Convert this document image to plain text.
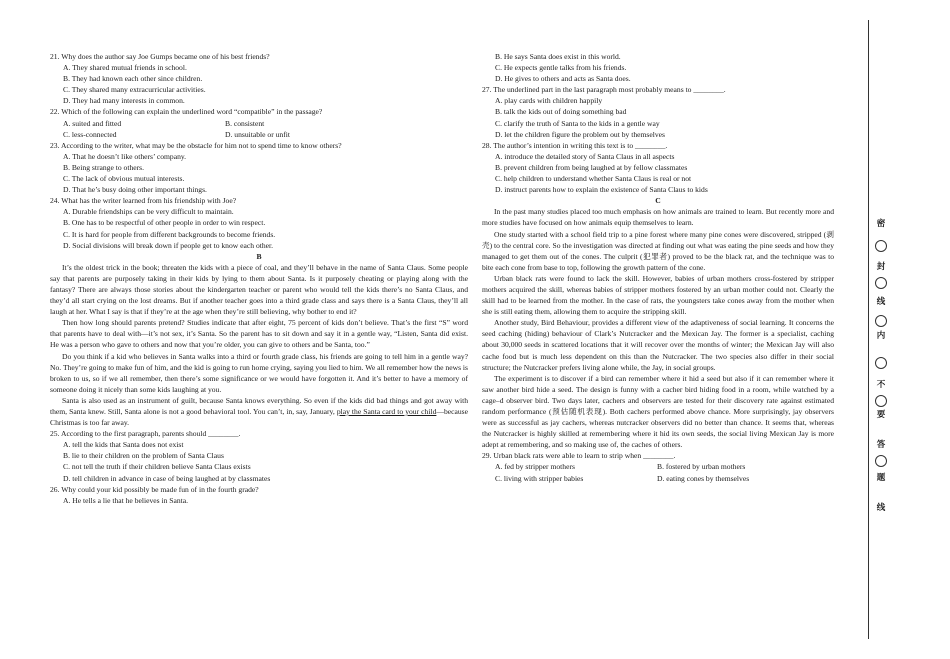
21. Why does the author say Joe Gumps became one of his best friends?

A. They shared mutual friends in school.

B. They had known each other since children.

C. They shared many extracurricular activities.

D. They had many interests in common.

22. Which of the following can explain the underlined word “compatible” in the passage?

A. suited and fitted	B. consistent
C. less-connected	D. unsuitable or unfit

23. According to the writer, what may be the obstacle for him not to spend time to know others?

A. That he doesn’t like others’ company.

B. Being strange to others.

C. The lack of obvious mutual interests.

D. That he’s busy doing other important things.

24. What has the writer learned from his friendship with Joe?

A. Durable friendships can be very difficult to maintain.

B. One has to be respectful of other people in order to win respect.

C. It is hard for people from different backgrounds to become friends.

D. Social divisions will break down if people get to know each other.

B

It’s the oldest trick in the book; threaten the kids with a piece of coal, and they’ll behave in the name of Santa Claus. Some people say that parents are purposely taking in their kids by lying to them about Santa. Is it purposely cheating or playing along with the fantasy? There are always those stories about the kindergarten teacher or parent who would tell the kids there’s no Santa Claus, and they’d all start crying on the lost dreams. But if another teacher goes into a third grade class and says there is a Santa Claus, they’ll all laugh at her. What I say is that if they’re at the age when they’re still believing, why bother to end it?

Then how long should parents pretend? Studies indicate that after eight, 75 percent of kids don’t believe. That’s the first “S” word that parents have to deal with—it’s not sex, it’s Santa. So the parent has to sit down and say it in a gentle way, “Listen, Santa did exist. He was a person who gave to others and now that you’re older, you can give to others and be Santa, too.”

Do you think if a kid who believes in Santa walks into a third or fourth grade class, his friends are going to tell him in a gentle way? No. They’re going to make fun of him, and the kid is going to run home crying, saying you lied to him. We all remember how the news is broken to us, so if we all remember, then there’s some significance or we would have forgotten it. And it’s better to have a memory of someone doing it nicely than some kids laughing at you.

Santa is also used as an instrument of guilt, because Santa knows everything. So even if the kids did bad things and got away with them, Santa knew. Still, Santa alone is not a good behavioral tool. You can’t, in, say, January, play the Santa card to your child—because Christmas is too far away.

25. According to the first paragraph, parents should ________.

A. tell the kids that Santa does not exist

B. lie to their children on the problem of Santa Claus

C. not tell the truth if their children believe Santa Claus exists

D. tell children in advance in case of being laughed at by classmates

26. Why could your kid possibly be made fun of in the fourth grade?

A. He tells a lie that he believes in Santa.

B. He says Santa does exist in this world.

C. He expects gentle talks from his friends.

D. He gives to others and acts as Santa does.

27. The underlined part in the last paragraph most probably means to ________.

A. play cards with children happily

B. talk the kids out of doing something bad

C. clarify the truth of Santa to the kids in a gentle way

D. let the children figure the problem out by themselves

28. The author’s intention in writing this text is to ________.

A. introduce the detailed story of Santa Claus in all aspects

B. prevent children from being laughed at by fellow classmates

C. help children to understand whether Santa Claus is real or not

D. instruct parents how to explain the existence of Santa Claus to kids

C

In the past many studies placed too much emphasis on how animals are trained to learn. But recently more and more studies have focused on how animals equip themselves to learn.

One study started with a school field trip to a pine forest where many pine cones were discovered, stripped (剥壳) to the central core. So the investigation was directed at finding out what was eating the pine seeds and how they managed to get them out of the cones. The culprit (犯罪者) proved to be the black rat, and the technique was to bite each cone from base to top, following the growth pattern of the cone.

Urban black rats were found to lack the skill. However, babies of urban mothers cross-fostered by stripper mothers acquired the skill, whereas babies of stripper mothers fostered by an urban mother could not. Clearly the skill had to be learned from the mother. In the case of rats, the youngsters take cones away from the mother when she is still eating them, allowing them to acquire the stripping skill.

Another study, Bird Behaviour, provides a different view of the adaptiveness of social learning. It concerns the seed caching (hiding) behaviour of Clark’s Nutcracker and the Mexican Jay. The former is a specialist, caching about 30,000 seeds in scattered locations that it will recover over the months of winter; the Mexican Jay will also cache food but is much less dependent on this than the Nutcracker. The two species also differ in their social structure; the Nutcracker prefers living alone while, the Jay, in social groups.

The experiment is to discover if a bird can remember where it hid a seed but also if it can remember where it saw another bird hide a seed. The design is funny with a cacher bird hiding food in a room, while watched by a cage–d observer bird. Two days later, cachers and observers are tested for their discovery rate against estimated random performance (预估随机表现). Both cachers performed above chance. More surprisingly, jay observers were as successful as jay cachers, whereas nutcracker observers did no better than chance. It seems that, whereas the Nutcracker is highly skilled at remembering where it hid its own seeds, the social living Mexican Jay is more adept at remembering, and so making use of, the caches of others.

29. Urban black rats were able to learn to strip when ________.

A. fed by stripper mothers	B. fostered by urban mothers
C. living with stripper babies	D. eating cones by themselves
密
封
线
内
不
要
答
题
线
